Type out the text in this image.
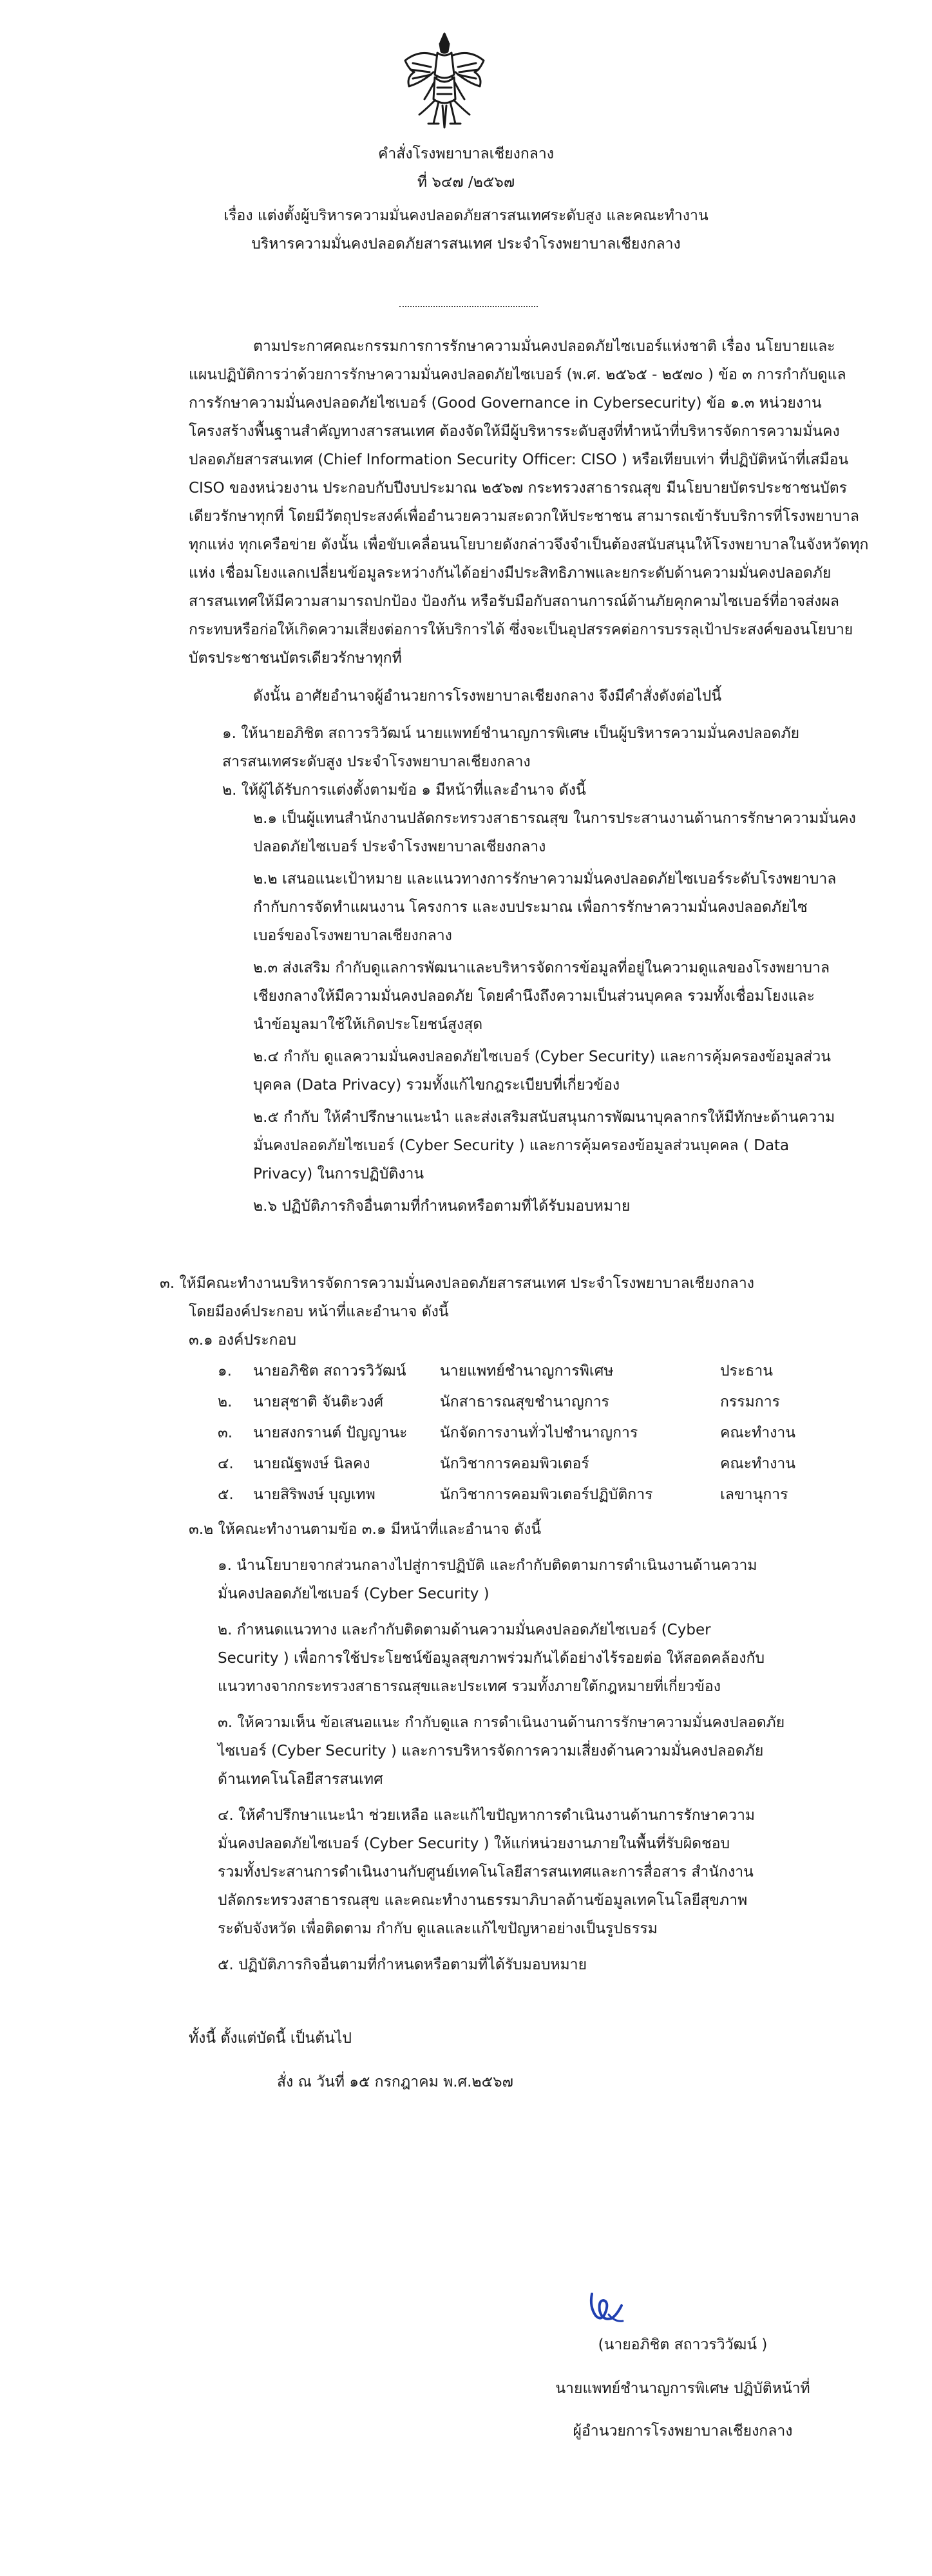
คำสั่งโรงพยาบาลเชียงกลาง
ที่ ๖๔๗ /๒๕๖๗
เรื่อง แต่งตั้งผู้บริหารความมั่นคงปลอดภัยสารสนเทศระดับสูง และคณะทำงาน
บริหารความมั่นคงปลอดภัยสารสนเทศ ประจำโรงพยาบาลเชียงกลาง
ตามประกาศคณะกรรมการการรักษาความมั่นคงปลอดภัยไซเบอร์แห่งชาติ เรื่อง นโยบายและ
แผนปฏิบัติการว่าด้วยการรักษาความมั่นคงปลอดภัยไซเบอร์ (พ.ศ. ๒๕๖๕ - ๒๕๗๐ ) ข้อ ๓ การกำกับดูแล
การรักษาความมั่นคงปลอดภัยไซเบอร์ (Good Governance in Cybersecurity) ข้อ ๑.๓ หน่วยงาน
โครงสร้างพื้นฐานสำคัญทางสารสนเทศ ต้องจัดให้มีผู้บริหารระดับสูงที่ทำหน้าที่บริหารจัดการความมั่นคง
ปลอดภัยสารสนเทศ (Chief Information Security Officer: CISO ) หรือเทียบเท่า ที่ปฏิบัติหน้าที่เสมือน
CISO ของหน่วยงาน ประกอบกับปีงบประมาณ ๒๕๖๗ กระทรวงสาธารณสุข มีนโยบายบัตรประชาชนบัตร
เดียวรักษาทุกที่ โดยมีวัตถุประสงค์เพื่ออำนวยความสะดวกให้ประชาชน สามารถเข้ารับบริการที่โรงพยาบาล
ทุกแห่ง ทุกเครือข่าย ดังนั้น เพื่อขับเคลื่อนนโยบายดังกล่าวจึงจำเป็นต้องสนับสนุนให้โรงพยาบาลในจังหวัดทุก
แห่ง เชื่อมโยงแลกเปลี่ยนข้อมูลระหว่างกันได้อย่างมีประสิทธิภาพและยกระดับด้านความมั่นคงปลอดภัย
สารสนเทศให้มีความสามารถปกป้อง ป้องกัน หรือรับมือกับสถานการณ์ด้านภัยคุกคามไซเบอร์ที่อาจส่งผล
กระทบหรือก่อให้เกิดความเสี่ยงต่อการให้บริการได้ ซึ่งจะเป็นอุปสรรคต่อการบรรลุเป้าประสงค์ของนโยบาย
บัตรประชาชนบัตรเดียวรักษาทุกที่
ดังนั้น อาศัยอำนาจผู้อำนวยการโรงพยาบาลเชียงกลาง จึงมีคำสั่งดังต่อไปนี้
๑. ให้นายอภิชิต สถาวรวิวัฒน์ นายแพทย์ชำนาญการพิเศษ เป็นผู้บริหารความมั่นคงปลอดภัย
สารสนเทศระดับสูง ประจำโรงพยาบาลเชียงกลาง
๒. ให้ผู้ได้รับการแต่งตั้งตามข้อ ๑ มีหน้าที่และอำนาจ ดังนี้
๒.๑ เป็นผู้แทนสำนักงานปลัดกระทรวงสาธารณสุข ในการประสานงานด้านการรักษาความมั่นคง
ปลอดภัยไซเบอร์ ประจำโรงพยาบาลเชียงกลาง
๒.๒ เสนอแนะเป้าหมาย และแนวทางการรักษาความมั่นคงปลอดภัยไซเบอร์ระดับโรงพยาบาล
กำกับการจัดทำแผนงาน โครงการ และงบประมาณ เพื่อการรักษาความมั่นคงปลอดภัยไซ
เบอร์ของโรงพยาบาลเชียงกลาง
๒.๓ ส่งเสริม กำกับดูแลการพัฒนาและบริหารจัดการข้อมูลที่อยู่ในความดูแลของโรงพยาบาล
เชียงกลางให้มีความมั่นคงปลอดภัย โดยคำนึงถึงความเป็นส่วนบุคคล รวมทั้งเชื่อมโยงและ
นำข้อมูลมาใช้ให้เกิดประโยชน์สูงสุด
๒.๔ กำกับ ดูแลความมั่นคงปลอดภัยไซเบอร์ (Cyber Security) และการคุ้มครองข้อมูลส่วน
บุคคล (Data Privacy) รวมทั้งแก้ไขกฎระเบียบที่เกี่ยวข้อง
๒.๕ กำกับ ให้คำปรึกษาแนะนำ และส่งเสริมสนับสนุนการพัฒนาบุคลากรให้มีทักษะด้านความ
มั่นคงปลอดภัยไซเบอร์ (Cyber Security ) และการคุ้มครองข้อมูลส่วนบุคคล ( Data
Privacy) ในการปฏิบัติงาน
๒.๖ ปฏิบัติภารกิจอื่นตามที่กำหนดหรือตามที่ได้รับมอบหมาย
๓. ให้มีคณะทำงานบริหารจัดการความมั่นคงปลอดภัยสารสนเทศ ประจำโรงพยาบาลเชียงกลาง
โดยมีองค์ประกอบ หน้าที่และอำนาจ ดังนี้
๓.๑ องค์ประกอบ
๑. นายอภิชิต สถาวรวิวัฒน์ นายแพทย์ชำนาญการพิเศษ	ประธาน
๒. นายสุชาติ จันติะวงศ์	นักสาธารณสุขชำนาญการ	กรรมการ
๓. นายสงกรานต์ ปัญญานะ นักจัดการงานทั่วไปชำนาญการ	คณะทำงาน
๔. นายณัฐพงษ์ นิลคง	นักวิชาการคอมพิวเตอร์	คณะทำงาน
๕. นายสิริพงษ์ บุญเทพ	นักวิชาการคอมพิวเตอร์ปฏิบัติการ	เลขานุการ
๓.๒ ให้คณะทำงานตามข้อ ๓.๑ มีหน้าที่และอำนาจ ดังนี้
๑. นำนโยบายจากส่วนกลางไปสู่การปฏิบัติ และกำกับติดตามการดำเนินงานด้านความ
มั่นคงปลอดภัยไซเบอร์ (Cyber Security )
๒. กำหนดแนวทาง และกำกับติดตามด้านความมั่นคงปลอดภัยไซเบอร์ (Cyber
Security ) เพื่อการใช้ประโยชน์ข้อมูลสุขภาพร่วมกันได้อย่างไร้รอยต่อ ให้สอดคล้องกับ
แนวทางจากกระทรวงสาธารณสุขและประเทศ รวมทั้งภายใต้กฎหมายที่เกี่ยวข้อง
๓. ให้ความเห็น ข้อเสนอแนะ กำกับดูแล การดำเนินงานด้านการรักษาความมั่นคงปลอดภัย
ไซเบอร์ (Cyber Security ) และการบริหารจัดการความเสี่ยงด้านความมั่นคงปลอดภัย
ด้านเทคโนโลยีสารสนเทศ
๔. ให้คำปรึกษาแนะนำ ช่วยเหลือ และแก้ไขปัญหาการดำเนินงานด้านการรักษาความ
มั่นคงปลอดภัยไซเบอร์ (Cyber Security ) ให้แก่หน่วยงานภายในพื้นที่รับผิดชอบ
รวมทั้งประสานการดำเนินงานกับศูนย์เทคโนโลยีสารสนเทศและการสื่อสาร สำนักงาน
ปลัดกระทรวงสาธารณสุข และคณะทำงานธรรมาภิบาลด้านข้อมูลเทคโนโลยีสุขภาพ
ระดับจังหวัด เพื่อติดตาม กำกับ ดูแลและแก้ไขปัญหาอย่างเป็นรูปธรรม
๕. ปฏิบัติภารกิจอื่นตามที่กำหนดหรือตามที่ได้รับมอบหมาย
ทั้งนี้ ตั้งแต่บัดนี้ เป็นต้นไป
สั่ง ณ วันที่ ๑๕ กรกฎาคม พ.ศ.๒๕๖๗
(นายอภิชิต สถาวรวิวัฒน์ )
นายแพทย์ชำนาญการพิเศษ ปฏิบัติหน้าที่
ผู้อำนวยการโรงพยาบาลเชียงกลาง
